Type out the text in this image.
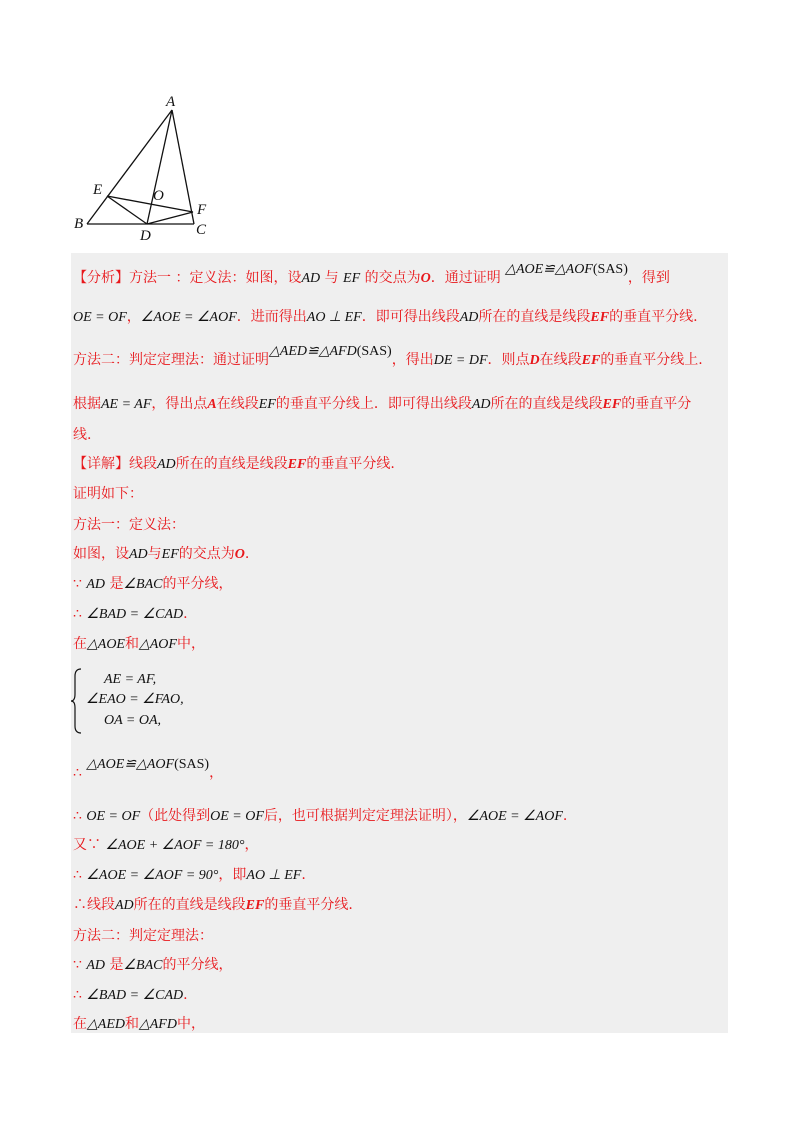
A
B	C
D
E
F
O
【分析】方法一 ：定义法：如图，设AD 与 EF 的交点为O．通过证明 △AOE≌△AOF(SAS)，得到
OE = OF，∠AOE = ∠AOF．进而得出AO ⊥ EF．即可得出线段AD所在的直线是线段EF的垂直平分线.
方法二：判定定理法：通过证明△AED≌△AFD(SAS)，得出DE = DF．则点D在线段EF的垂直平分线上.
根据AE = AF，得出点A在线段EF的垂直平分线上．即可得出线段AD所在的直线是线段EF的垂直平分
线.
【详解】线段AD所在的直线是线段EF的垂直平分线.
证明如下：
方法一：定义法：
如图，设AD与EF的交点为O.
∵ AD 是∠BAC的平分线，
∴ ∠BAD = ∠CAD.
在△AOE和△AOF中，
AE = AF,
∠EAO = ∠FAO,
OA = OA,
∴ △AOE≌△AOF(SAS)，
∴ OE = OF（此处得到OE = OF后，也可根据判定定理法证明），∠AOE = ∠AOF.
又∵ ∠AOE + ∠AOF = 180°，
∴ ∠AOE = ∠AOF = 90°，即AO ⊥ EF.
∴线段AD所在的直线是线段EF的垂直平分线.
方法二：判定定理法：
∵ AD 是∠BAC的平分线，
∴ ∠BAD = ∠CAD.
在△AED和△AFD中，
